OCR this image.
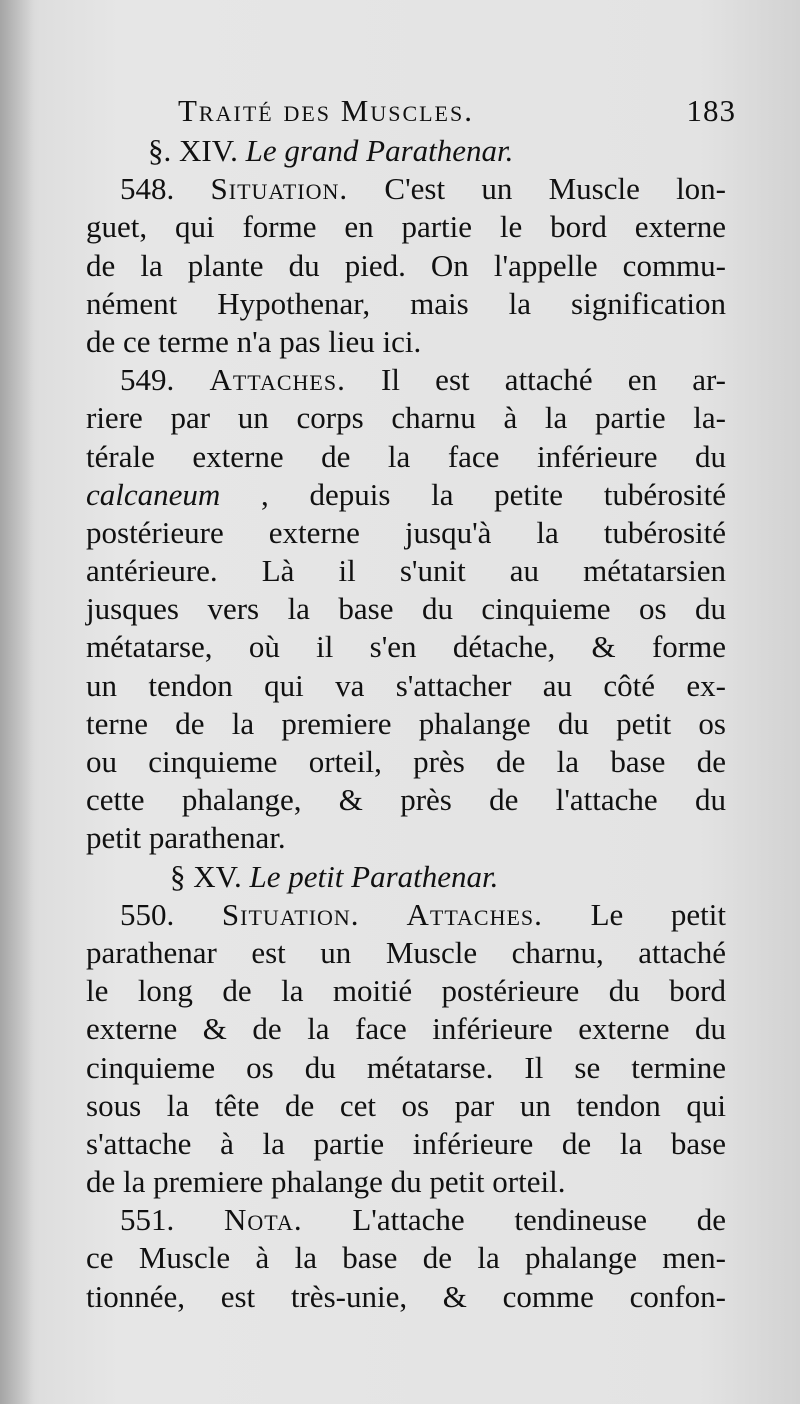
Traité des Muscles.	183
§. XIV. Le grand Parathenar.
548. Situation. C'est un Muscle lon-
guet, qui forme en partie le bord externe
de la plante du pied. On l'appelle commu-
nément Hypothenar, mais la signification
de ce terme n'a pas lieu ici.
549. Attaches. Il est attaché en ar-
riere par un corps charnu à la partie la-
térale externe de la face inférieure du
calcaneum , depuis la petite tubérosité
postérieure externe jusqu'à la tubérosité
antérieure. Là il s'unit au métatarsien
jusques vers la base du cinquieme os du
métatarse, où il s'en détache, & forme
un tendon qui va s'attacher au côté ex-
terne de la premiere phalange du petit os
ou cinquieme orteil, près de la base de
cette phalange, & près de l'attache du
petit parathenar.
§ XV. Le petit Parathenar.
550. Situation. Attaches. Le petit
parathenar est un Muscle charnu, attaché
le long de la moitié postérieure du bord
externe & de la face inférieure externe du
cinquieme os du métatarse. Il se termine
sous la tête de cet os par un tendon qui
s'attache à la partie inférieure de la base
de la premiere phalange du petit orteil.
551. Nota. L'attache tendineuse de
ce Muscle à la base de la phalange men-
tionnée, est très-unie, & comme confon-
